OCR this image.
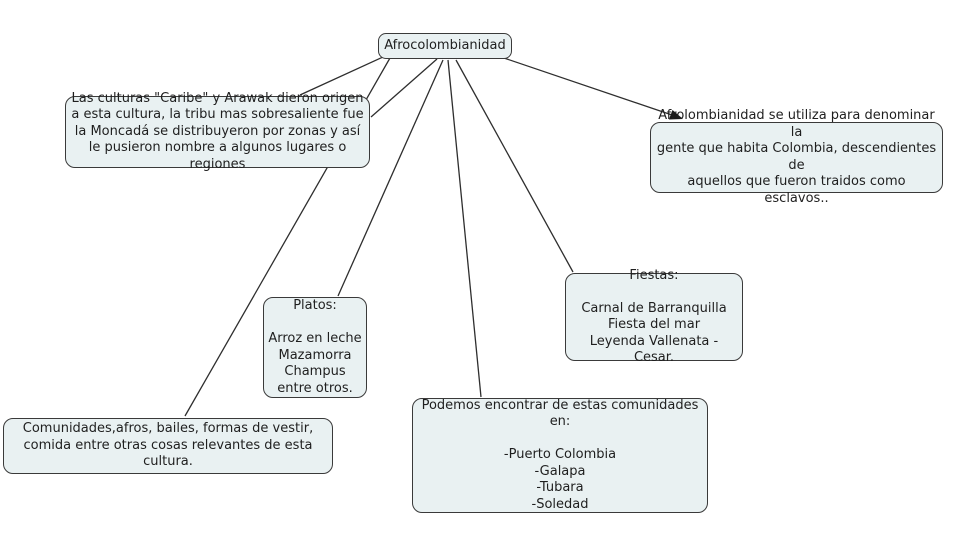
Afrocolombianidad
Las culturas "Caribe" y Arawak dieron origen
a esta cultura, la tribu mas sobresaliente fue
la Moncadá se distribuyeron por zonas y así
le pusieron nombre a algunos lugares o regiones
Afrolombianidad se utiliza para denominar la
gente que habita Colombia, descendientes de
aquellos que fueron traidos como esclavos..
Platos:
Arroz en leche
Mazamorra
Champus
entre otros.
Fiestas:
Carnal de Barranquilla
Fiesta del mar
Leyenda Vallenata - Cesar.
Comunidades,afros, bailes, formas de vestir,
comida entre otras cosas relevantes de esta cultura.
Podemos encontrar de estas comunidades en:
-Puerto Colombia
-Galapa
-Tubara
-Soledad
